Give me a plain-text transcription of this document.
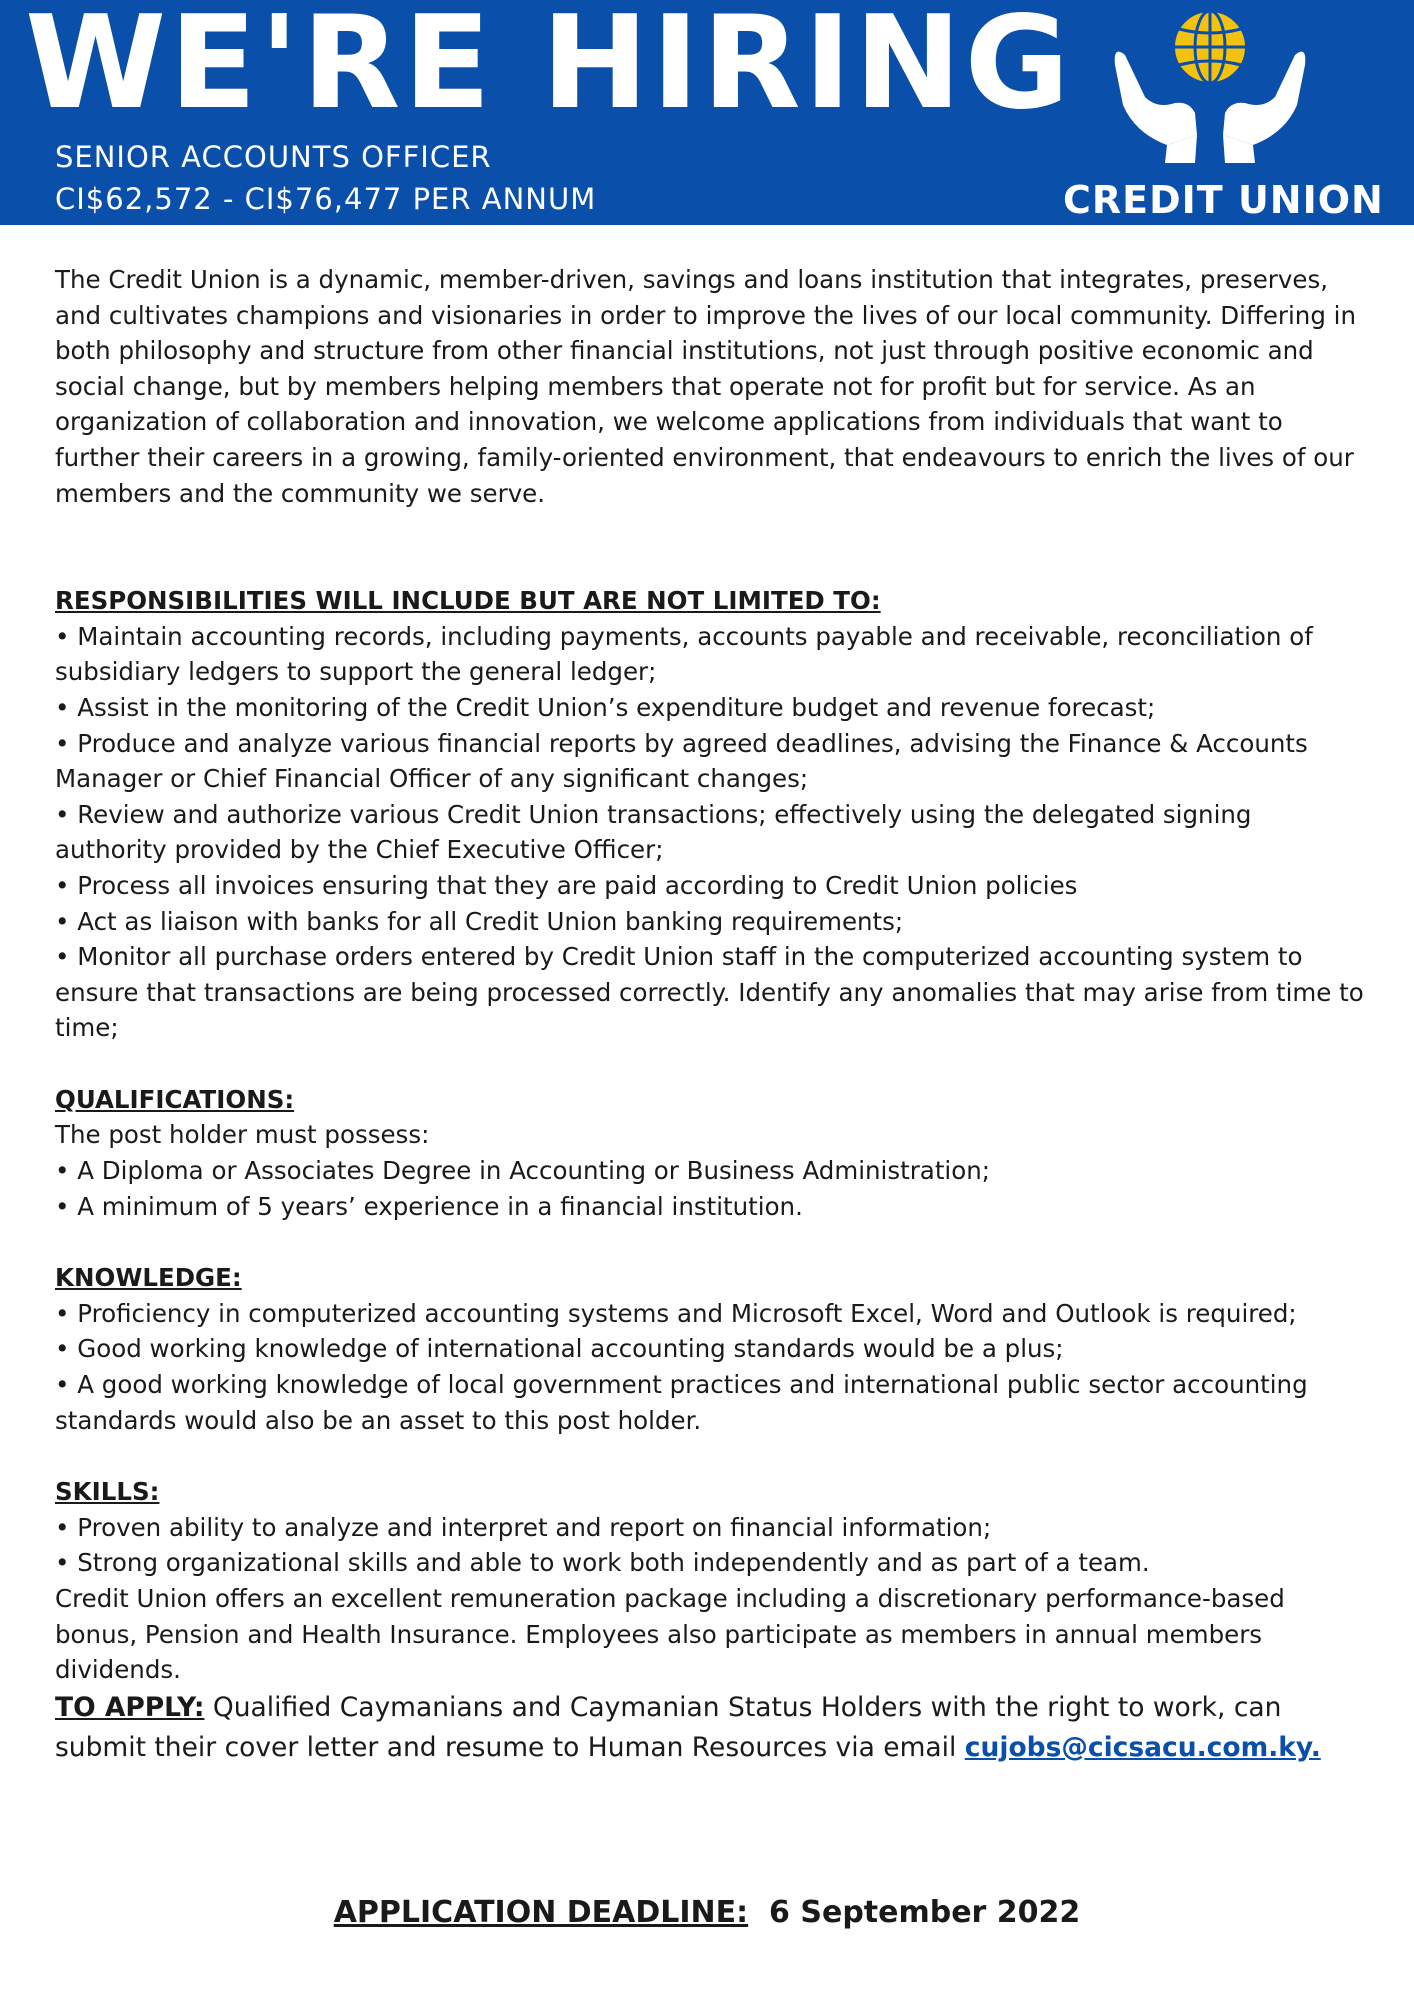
WE'RE HIRING
SENIOR ACCOUNTS OFFICER
CI$62,572 - CI$76,477 PER ANNUM	CREDIT UNION

The Credit Union is a dynamic, member-driven, savings and loans institution that integrates, preserves, and cultivates champions and visionaries in order to improve the lives of our local community. Differing in both philosophy and structure from other financial institutions, not just through positive economic and social change, but by members helping members that operate not for profit but for service. As an organization of collaboration and innovation, we welcome applications from individuals that want to further their careers in a growing, family-oriented environment, that endeavours to enrich the lives of our members and the community we serve.

RESPONSIBILITIES WILL INCLUDE BUT ARE NOT LIMITED TO:

• Maintain accounting records, including payments, accounts payable and receivable, reconciliation of subsidiary ledgers to support the general ledger;

• Assist in the monitoring of the Credit Union’s expenditure budget and revenue forecast;

• Produce and analyze various financial reports by agreed deadlines, advising the Finance & Accounts Manager or Chief Financial Officer of any significant changes;

• Review and authorize various Credit Union transactions; effectively using the delegated signing authority provided by the Chief Executive Officer;

• Process all invoices ensuring that they are paid according to Credit Union policies

• Act as liaison with banks for all Credit Union banking requirements;

• Monitor all purchase orders entered by Credit Union staff in the computerized accounting system to ensure that transactions are being processed correctly. Identify any anomalies that may arise from time to time;

QUALIFICATIONS:

The post holder must possess:

• A Diploma or Associates Degree in Accounting or Business Administration;

• A minimum of 5 years’ experience in a financial institution.

KNOWLEDGE:

• Proficiency in computerized accounting systems and Microsoft Excel, Word and Outlook is required;

• Good working knowledge of international accounting standards would be a plus;

• A good working knowledge of local government practices and international public sector accounting standards would also be an asset to this post holder.

SKILLS:

• Proven ability to analyze and interpret and report on financial information;

• Strong organizational skills and able to work both independently and as part of a team.

Credit Union offers an excellent remuneration package including a discretionary performance-based bonus, Pension and Health Insurance. Employees also participate as members in annual members dividends.

TO APPLY: Qualified Caymanians and Caymanian Status Holders with the right to work, can submit their cover letter and resume to Human Resources via email cujobs@cicsacu.com.ky.

APPLICATION DEADLINE:  6 September 2022
